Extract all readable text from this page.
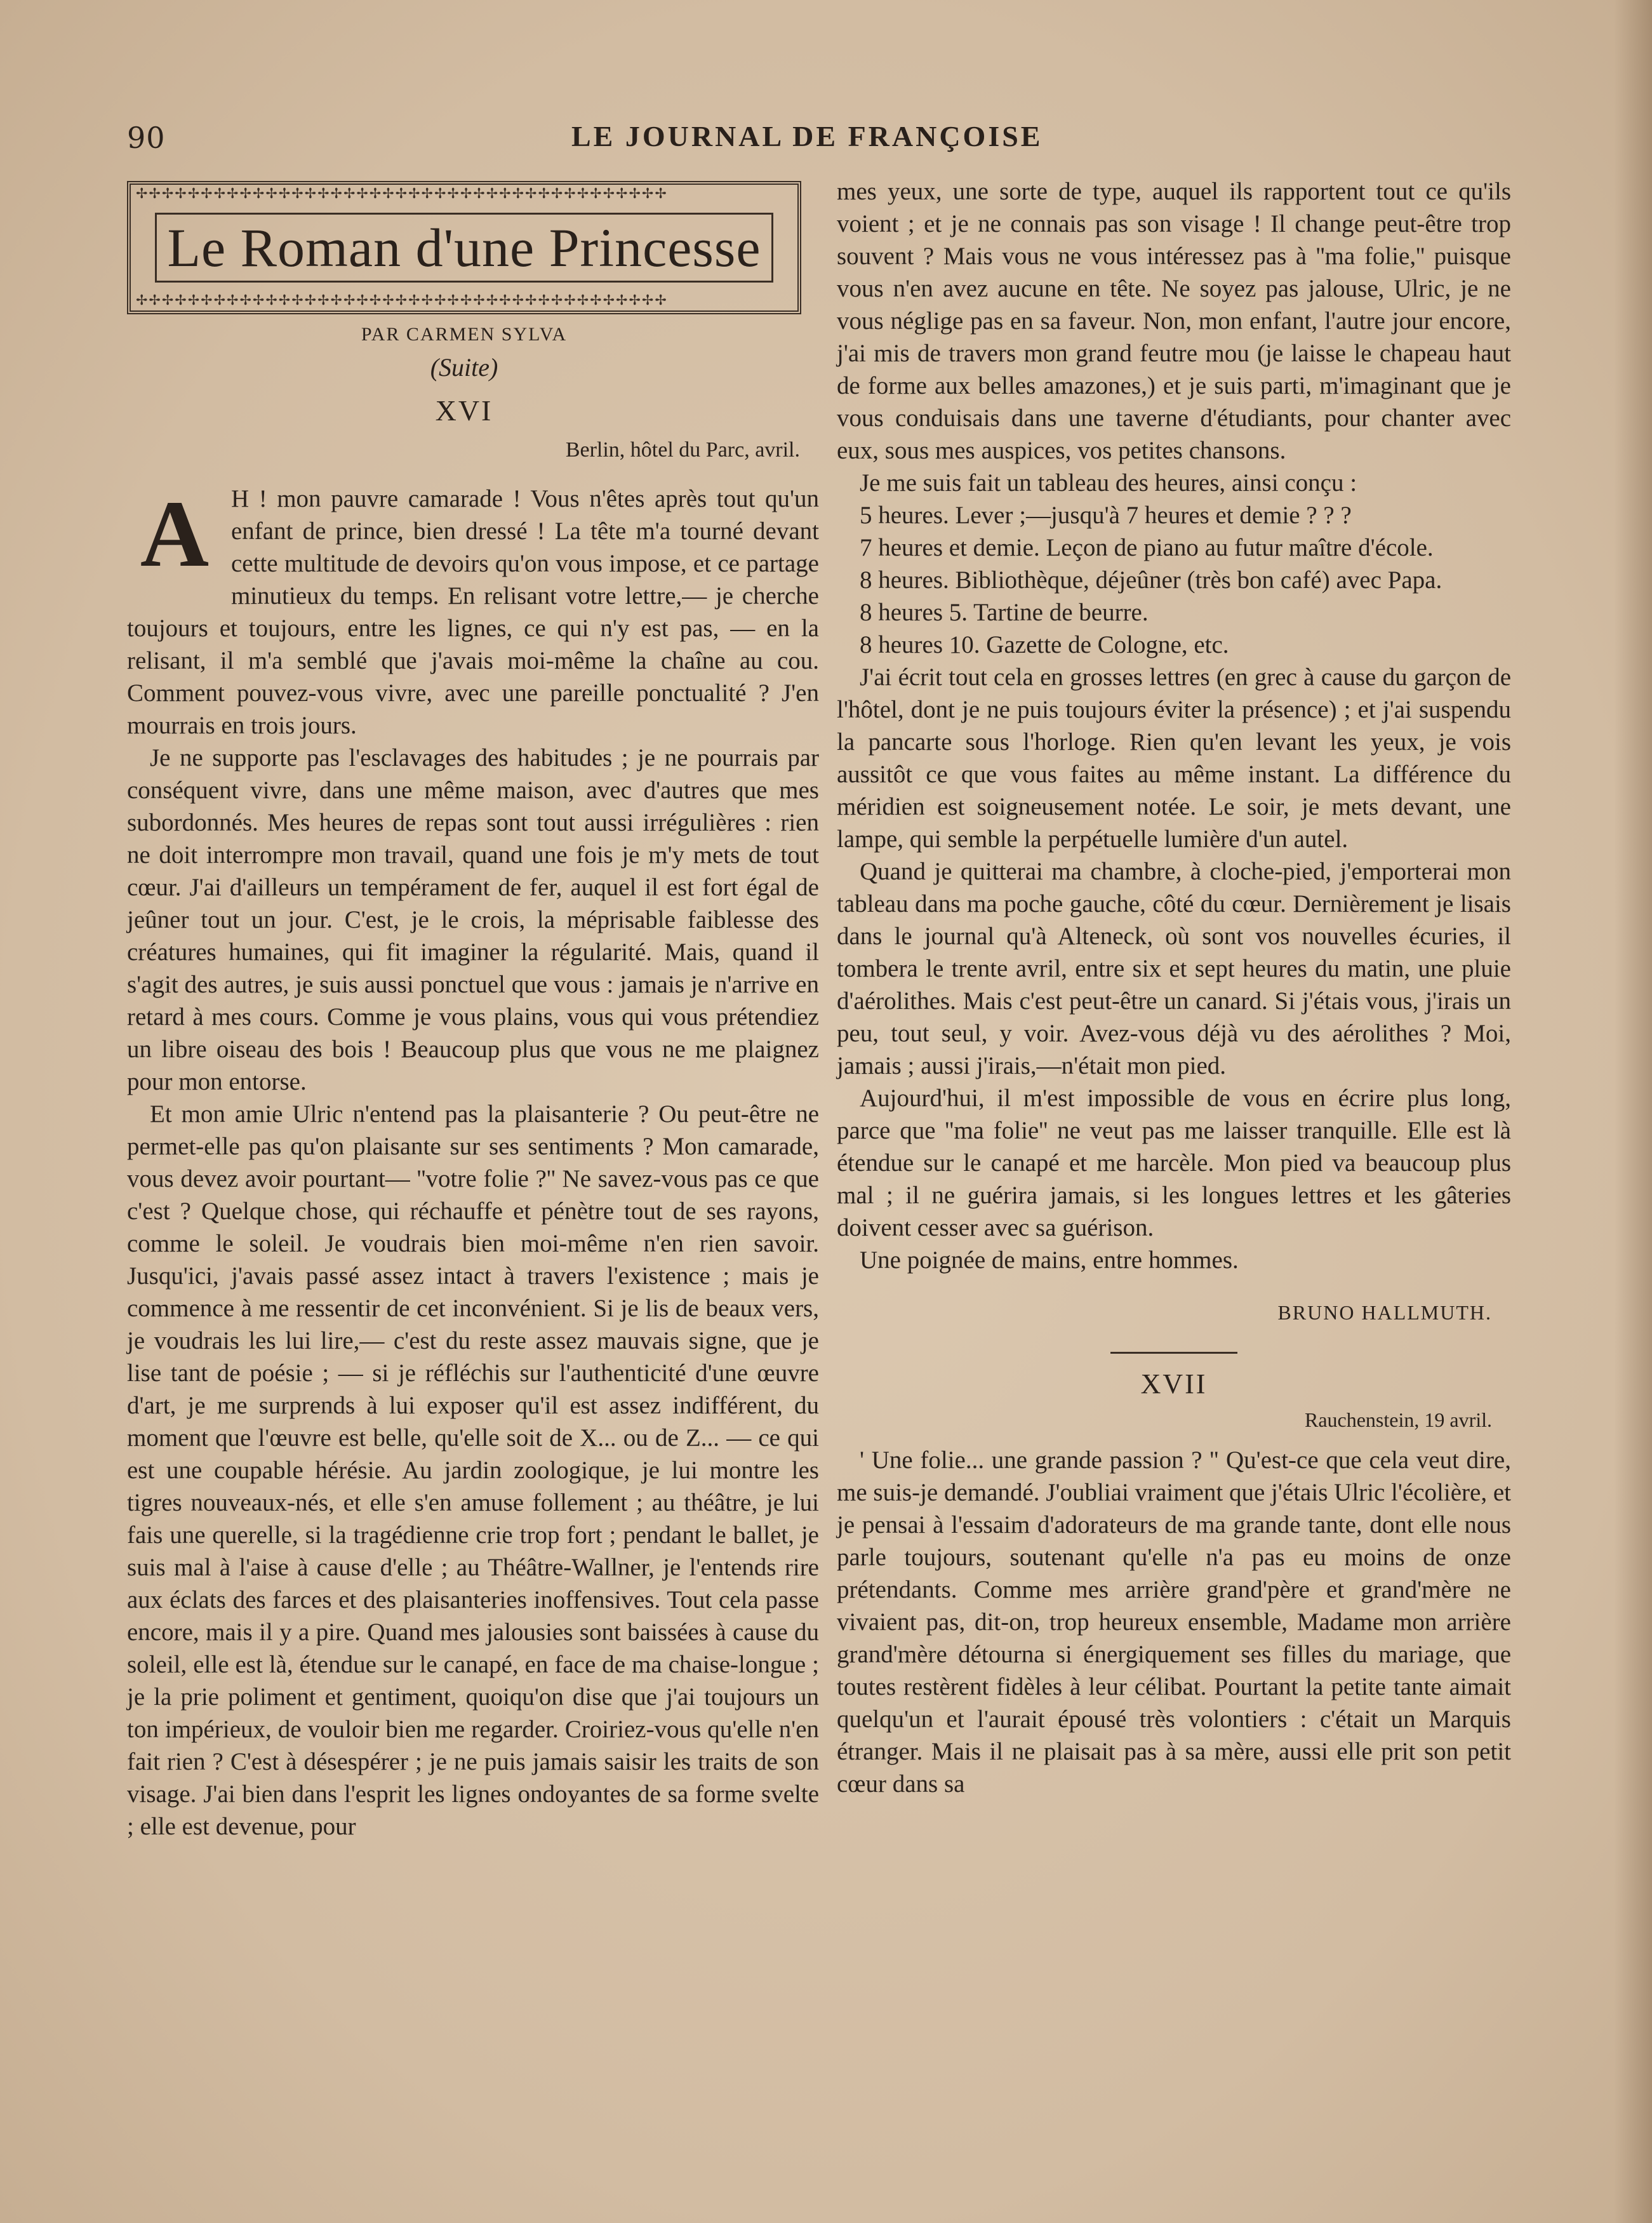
90	LE JOURNAL DE FRANÇOISE
✢✢✢✢✢✢✢✢✢✢✢✢✢✢✢✢✢✢✢✢✢✢✢✢✢✢✢✢✢✢✢✢✢✢✢✢✢✢✢✢✢
Le Roman d'une Princesse
✢✢✢✢✢✢✢✢✢✢✢✢✢✢✢✢✢✢✢✢✢✢✢✢✢✢✢✢✢✢✢✢✢✢✢✢✢✢✢✢✢
PAR CARMEN SYLVA
(Suite)
XVI
Berlin, hôtel du Parc, avril.

A H ! mon pauvre camarade ! Vous n'êtes après tout qu'un enfant de prince, bien dressé ! La tête m'a tourné devant cette multitude de devoirs qu'on vous impose, et ce partage minutieux du temps. En relisant votre lettre,— je cherche toujours et toujours, entre les lignes, ce qui n'y est pas, — en la relisant, il m'a semblé que j'avais moi-même la chaîne au cou. Comment pouvez-vous vivre, avec une pareille ponctualité ? J'en mourrais en trois jours.

Je ne supporte pas l'esclavages des habitudes ; je ne pourrais par conséquent vivre, dans une même maison, avec d'autres que mes subordonnés. Mes heures de repas sont tout aussi irrégulières : rien ne doit interrompre mon travail, quand une fois je m'y mets de tout cœur. J'ai d'ailleurs un tempérament de fer, auquel il est fort égal de jeûner tout un jour. C'est, je le crois, la méprisable faiblesse des créatures humaines, qui fit imaginer la régularité. Mais, quand il s'agit des autres, je suis aussi ponctuel que vous : jamais je n'arrive en retard à mes cours. Comme je vous plains, vous qui vous prétendiez un libre oiseau des bois ! Beaucoup plus que vous ne me plaignez pour mon entorse.

Et mon amie Ulric n'entend pas la plaisanterie ? Ou peut-être ne permet-elle pas qu'on plaisante sur ses sentiments ? Mon camarade, vous devez avoir pourtant— ''votre folie ?'' Ne savez-vous pas ce que c'est ? Quelque chose, qui réchauffe et pénètre tout de ses rayons, comme le soleil. Je voudrais bien moi-même n'en rien savoir. Jusqu'ici, j'avais passé assez intact à travers l'existence ; mais je commence à me ressentir de cet inconvénient. Si je lis de beaux vers, je voudrais les lui lire,— c'est du reste assez mauvais signe, que je lise tant de poésie ; — si je réfléchis sur l'authenticité d'une œuvre d'art, je me surprends à lui exposer qu'il est assez indifférent, du moment que l'œuvre est belle, qu'elle soit de X... ou de Z... — ce qui est une coupable hérésie. Au jardin zoologique, je lui montre les tigres nouveaux-nés, et elle s'en amuse follement ; au théâtre, je lui fais une querelle, si la tragédienne crie trop fort ; pendant le ballet, je suis mal à l'aise à cause d'elle ; au Théâtre-Wallner, je l'entends rire aux éclats des farces et des plaisanteries inoffensives. Tout cela passe encore, mais il y a pire. Quand mes jalousies sont baissées à cause du soleil, elle est là, étendue sur le canapé, en face de ma chaise-longue ; je la prie poliment et gentiment, quoiqu'on dise que j'ai toujours un ton impérieux, de vouloir bien me regarder. Croiriez-vous qu'elle n'en fait rien ? C'est à désespérer ; je ne puis jamais saisir les traits de son visage. J'ai bien dans l'esprit les lignes ondoyantes de sa forme svelte ; elle est devenue, pour

mes yeux, une sorte de type, auquel ils rapportent tout ce qu'ils voient ; et je ne connais pas son visage ! Il change peut-être trop souvent ? Mais vous ne vous intéressez pas à ''ma folie,'' puisque vous n'en avez aucune en tête. Ne soyez pas jalouse, Ulric, je ne vous néglige pas en sa faveur. Non, mon enfant, l'autre jour encore, j'ai mis de travers mon grand feutre mou (je laisse le chapeau haut de forme aux belles amazones,) et je suis parti, m'imaginant que je vous conduisais dans une taverne d'étudiants, pour chanter avec eux, sous mes auspices, vos petites chansons.

Je me suis fait un tableau des heures, ainsi conçu :

5 heures. Lever ;—jusqu'à 7 heures et demie ? ? ?

7 heures et demie. Leçon de piano au futur maître d'école.

8 heures. Bibliothèque, déjeûner (très bon café) avec Papa.

8 heures 5. Tartine de beurre.

8 heures 10. Gazette de Cologne, etc.

J'ai écrit tout cela en grosses lettres (en grec à cause du garçon de l'hôtel, dont je ne puis toujours éviter la présence) ; et j'ai suspendu la pancarte sous l'horloge. Rien qu'en levant les yeux, je vois aussitôt ce que vous faites au même instant. La différence du méridien est soigneusement notée. Le soir, je mets devant, une lampe, qui semble la perpétuelle lumière d'un autel.

Quand je quitterai ma chambre, à cloche-pied, j'emporterai mon tableau dans ma poche gauche, côté du cœur. Dernièrement je lisais dans le journal qu'à Alteneck, où sont vos nouvelles écuries, il tombera le trente avril, entre six et sept heures du matin, une pluie d'aérolithes. Mais c'est peut-être un canard. Si j'étais vous, j'irais un peu, tout seul, y voir. Avez-vous déjà vu des aérolithes ? Moi, jamais ; aussi j'irais,—n'était mon pied.

Aujourd'hui, il m'est impossible de vous en écrire plus long, parce que ''ma folie'' ne veut pas me laisser tranquille. Elle est là étendue sur le canapé et me harcèle. Mon pied va beaucoup plus mal ; il ne guérira jamais, si les longues lettres et les gâteries doivent cesser avec sa guérison.

Une poignée de mains, entre hommes.

BRUNO HALLMUTH.

XVII

Rauchenstein, 19 avril.

' Une folie... une grande passion ? '' Qu'est-ce que cela veut dire, me suis-je demandé. J'oubliai vraiment que j'étais Ulric l'écolière, et je pensai à l'essaim d'adorateurs de ma grande tante, dont elle nous parle toujours, soutenant qu'elle n'a pas eu moins de onze prétendants. Comme mes arrière grand'père et grand'mère ne vivaient pas, dit-on, trop heureux ensemble, Madame mon arrière grand'mère détourna si énergiquement ses filles du mariage, que toutes restèrent fidèles à leur célibat. Pourtant la petite tante aimait quelqu'un et l'aurait épousé très volontiers : c'était un Marquis étranger. Mais il ne plaisait pas à sa mère, aussi elle prit son petit cœur dans sa
